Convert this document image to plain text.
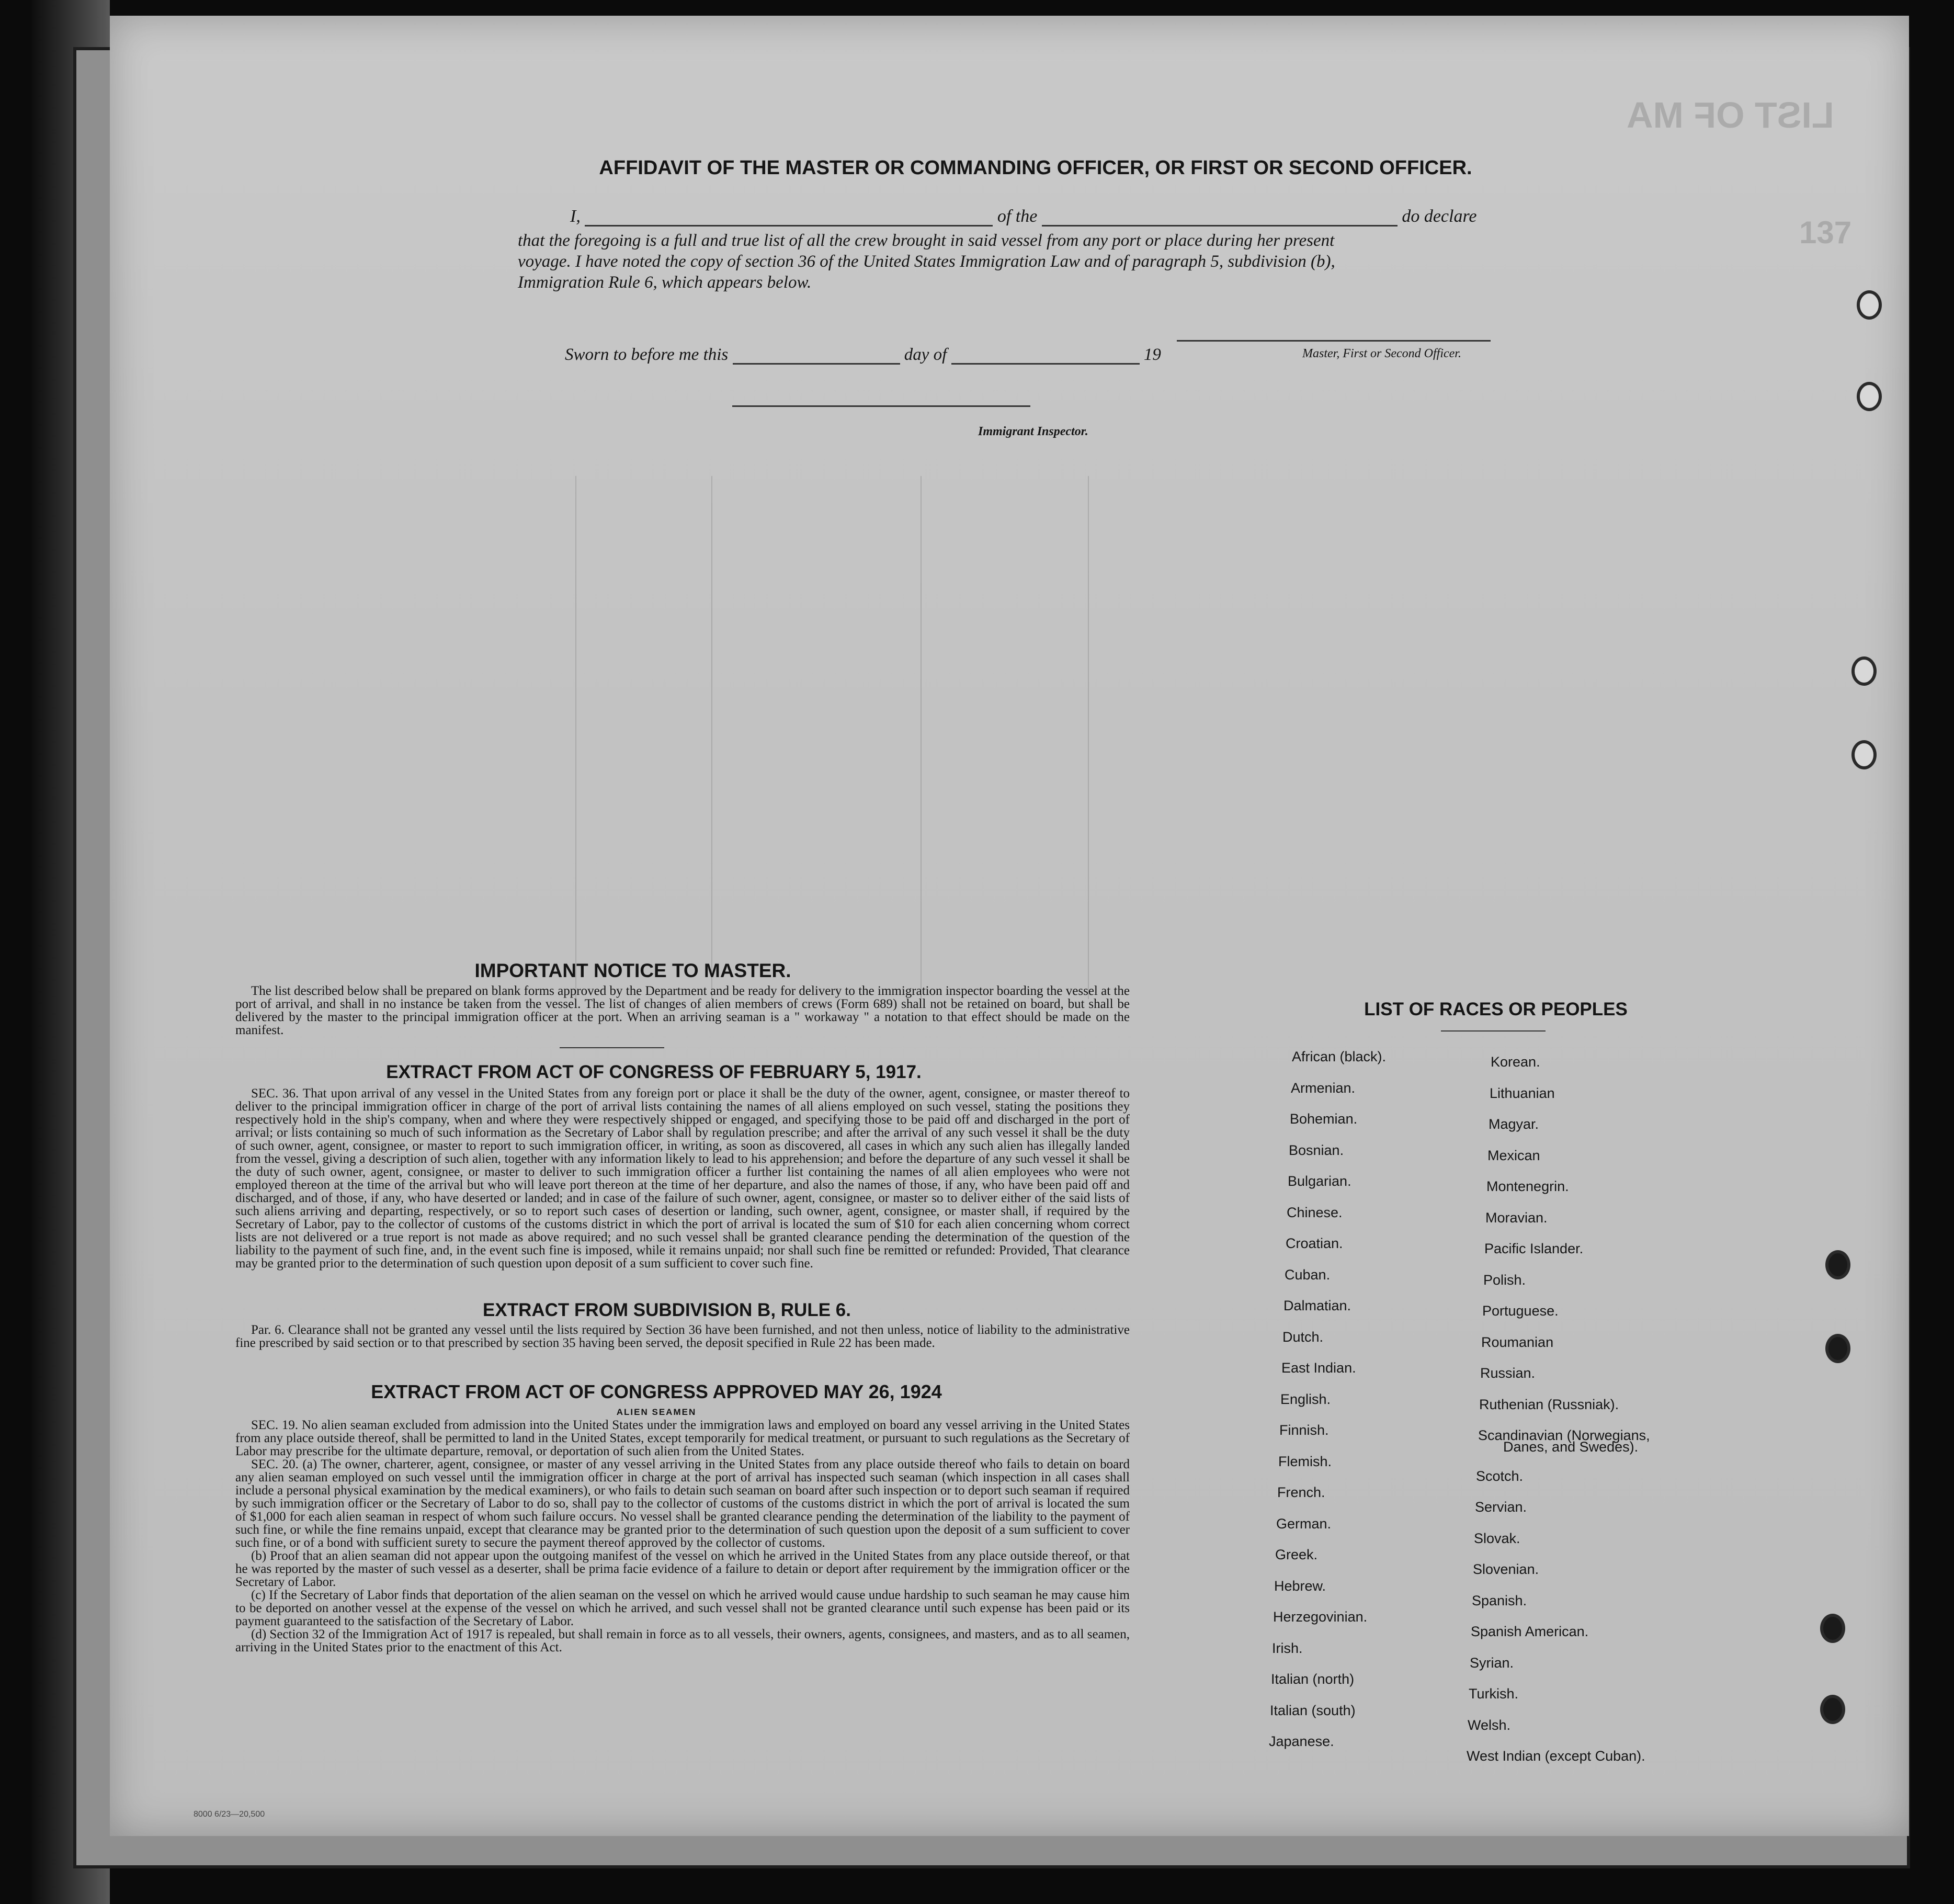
LIST OF MA
137
AFFIDAVIT OF THE MASTER OR COMMANDING OFFICER, OR FIRST OR SECOND OFFICER.
I,	of the	do declare
that the foregoing is a full and true list of all the crew brought in said vessel from any port or place during her present
voyage. I have noted the copy of section 36 of the United States Immigration Law and of paragraph 5, subdivision (b),
Immigration Rule 6, which appears below.
Sworn to before me this	day of	19	Master, First or Second Officer.
Immigrant Inspector.
IMPORTANT NOTICE TO MASTER.
The list described below shall be prepared on blank forms approved by the Department and be ready for delivery to the immigration inspector boarding the vessel at the port of arrival, and shall in no instance be taken from the vessel. The list of changes of alien members of crews (Form 689) shall not be retained on board, but shall be delivered by the master to the principal immigration officer at the port. When an arriving seaman is a " workaway " a notation to that effect should be made on the manifest.
EXTRACT FROM ACT OF CONGRESS OF FEBRUARY 5, 1917.
SEC. 36. That upon arrival of any vessel in the United States from any foreign port or place it shall be the duty of the owner, agent, consignee, or master thereof to deliver to the principal immigration officer in charge of the port of arrival lists containing the names of all aliens employed on such vessel, stating the positions they respectively hold in the ship's company, when and where they were respectively shipped or engaged, and specifying those to be paid off and discharged in the port of arrival; or lists containing so much of such information as the Secretary of Labor shall by regulation prescribe; and after the arrival of any such vessel it shall be the duty of such owner, agent, consignee, or master to report to such immigration officer, in writing, as soon as discovered, all cases in which any such alien has illegally landed from the vessel, giving a description of such alien, together with any information likely to lead to his apprehension; and before the departure of any such vessel it shall be the duty of such owner, agent, consignee, or master to deliver to such immigration officer a further list containing the names of all alien employees who were not employed thereon at the time of the arrival but who will leave port thereon at the time of her departure, and also the names of those, if any, who have been paid off and discharged, and of those, if any, who have deserted or landed; and in case of the failure of such owner, agent, consignee, or master so to deliver either of the said lists of such aliens arriving and departing, respectively, or so to report such cases of desertion or landing, such owner, agent, consignee, or master shall, if required by the Secretary of Labor, pay to the collector of customs of the customs district in which the port of arrival is located the sum of $10 for each alien concerning whom correct lists are not delivered or a true report is not made as above required; and no such vessel shall be granted clearance pending the determination of the question of the liability to the payment of such fine, and, in the event such fine is imposed, while it remains unpaid; nor shall such fine be remitted or refunded: Provided, That clearance may be granted prior to the determination of such question upon deposit of a sum sufficient to cover such fine.
EXTRACT FROM SUBDIVISION B, RULE 6.
Par. 6. Clearance shall not be granted any vessel until the lists required by Section 36 have been furnished, and not then unless, notice of liability to the administrative fine prescribed by said section or to that prescribed by section 35 having been served, the deposit specified in Rule 22 has been made.
EXTRACT FROM ACT OF CONGRESS APPROVED MAY 26, 1924
ALIEN SEAMEN
SEC. 19. No alien seaman excluded from admission into the United States under the immigration laws and employed on board any vessel arriving in the United States from any place outside thereof, shall be permitted to land in the United States, except temporarily for medical treatment, or pursuant to such regulations as the Secretary of Labor may prescribe for the ultimate departure, removal, or deportation of such alien from the United States.
SEC. 20. (a) The owner, charterer, agent, consignee, or master of any vessel arriving in the United States from any place outside thereof who fails to detain on board any alien seaman employed on such vessel until the immigration officer in charge at the port of arrival has inspected such seaman (which inspection in all cases shall include a personal physical examination by the medical examiners), or who fails to detain such seaman on board after such inspection or to deport such seaman if required by such immigration officer or the Secretary of Labor to do so, shall pay to the collector of customs of the customs district in which the port of arrival is located the sum of $1,000 for each alien seaman in respect of whom such failure occurs. No vessel shall be granted clearance pending the determination of the liability to the payment of such fine, or while the fine remains unpaid, except that clearance may be granted prior to the determination of such question upon the deposit of a sum sufficient to cover such fine, or of a bond with sufficient surety to secure the payment thereof approved by the collector of customs.
(b) Proof that an alien seaman did not appear upon the outgoing manifest of the vessel on which he arrived in the United States from any place outside thereof, or that he was reported by the master of such vessel as a deserter, shall be prima facie evidence of a failure to detain or deport after requirement by the immigration officer or the Secretary of Labor.
(c) If the Secretary of Labor finds that deportation of the alien seaman on the vessel on which he arrived would cause undue hardship to such seaman he may cause him to be deported on another vessel at the expense of the vessel on which he arrived, and such vessel shall not be granted clearance until such expense has been paid or its payment guaranteed to the satisfaction of the Secretary of Labor.
(d) Section 32 of the Immigration Act of 1917 is repealed, but shall remain in force as to all vessels, their owners, agents, consignees, and masters, and as to all seamen, arriving in the United States prior to the enactment of this Act.
LIST OF RACES OR PEOPLES
African (black).
Armenian.
Bohemian.
Bosnian.
Bulgarian.
Chinese.
Croatian.
Cuban.
Dalmatian.
Dutch.
East Indian.
English.
Finnish.
Flemish.
French.
German.
Greek.
Hebrew.
Herzegovinian.
Irish.
Italian (north)
Italian (south)
Japanese.
Korean.
Lithuanian
Magyar.
Mexican
Montenegrin.
Moravian.
Pacific Islander.
Polish.
Portuguese.
Roumanian
Russian.
Ruthenian (Russniak).
Scandinavian (Norwegians,
Danes, and Swedes).
Scotch.
Servian.
Slovak.
Slovenian.
Spanish.
Spanish American.
Syrian.
Turkish.
Welsh.
West Indian (except Cuban).
8000 6/23—20,500
